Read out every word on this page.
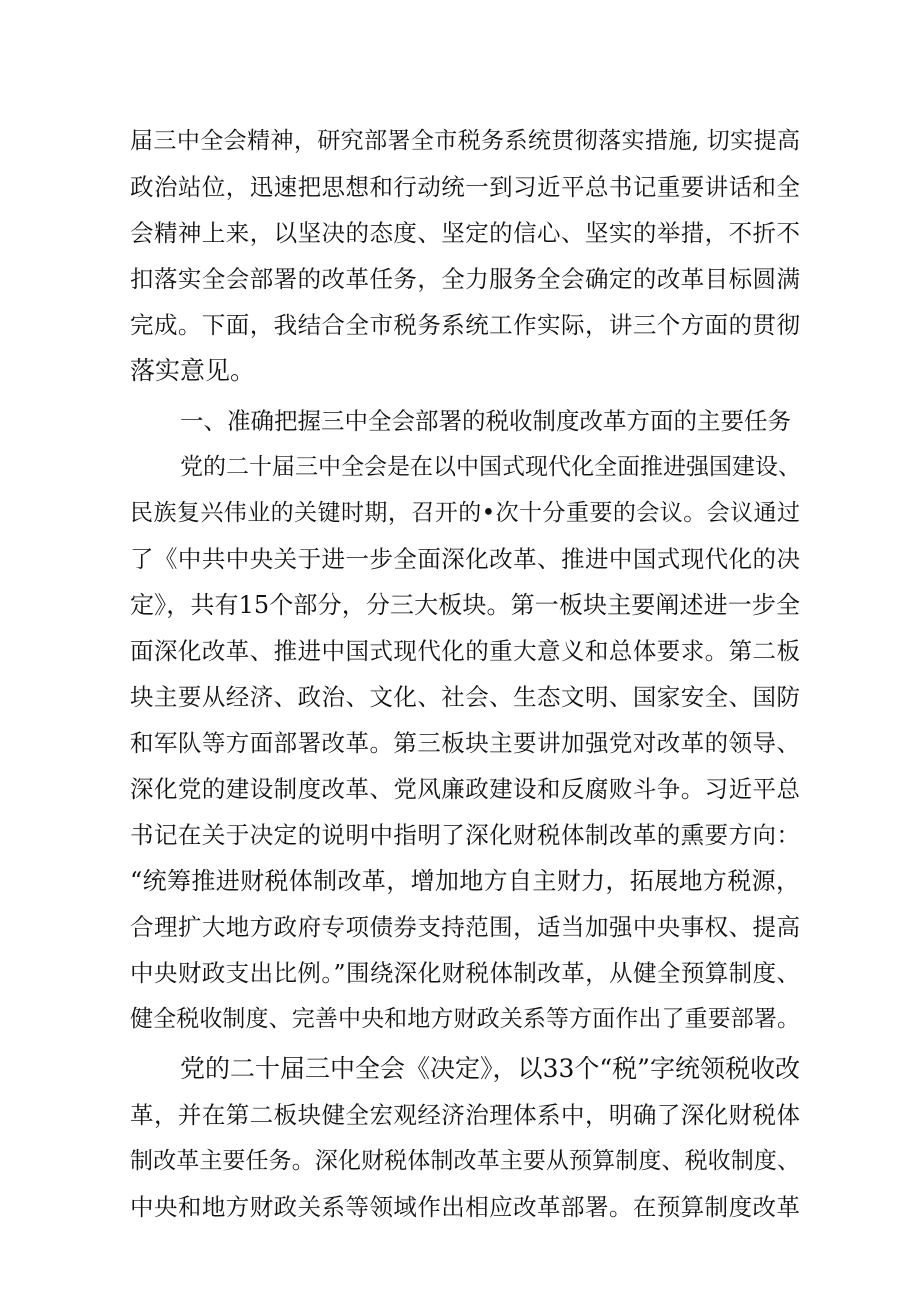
届三中全会精神，研究部署全市税务系统贯彻落实措施, 切实提高
政治站位，迅速把思想和行动统一到习近平总书记重要讲话和全
会精神上来，以坚决的态度、坚定的信心、坚实的举措，不折不
扣落实全会部署的改革任务，全力服务全会确定的改革目标圆满
完成。下面，我结合全市税务系统工作实际，讲三个方面的贯彻
落实意见。
一、准确把握三中全会部署的税收制度改革方面的主要任务
党的二十届三中全会是在以中国式现代化全面推进强国建设、
民族复兴伟业的关键时期，召开的•次十分重要的会议。会议通过
了《中共中央关于进一步全面深化改革、推进中国式现代化的决
定》，共有15个部分，分三大板块。第一板块主要阐述进一步全
面深化改革、推进中国式现代化的重大意义和总体要求。第二板
块主要从经济、政治、文化、社会、生态文明、国家安全、国防
和军队等方面部署改革。第三板块主要讲加强党对改革的领导、
深化党的建设制度改革、党风廉政建设和反腐败斗争。习近平总
书记在关于决定的说明中指明了深化财税体制改革的熏要方向：
“统筹推进财税体制改革，增加地方自主财力，拓展地方税源，
合理扩大地方政府专项债券支持范围，适当加强中央事权、提高
中央财政支出比例。”围绕深化财税体制改革，从健全预算制度、
健全税收制度、完善中央和地方财政关系等方面作出了重要部署。
党的二十届三中全会《决定》，以33个“税”字统领税收改
革，并在第二板块健全宏观经济治理体系中，明确了深化财税体
制改革主要任务。深化财税体制改革主要从预算制度、税收制度、
中央和地方财政关系等领域作出相应改革部署。在预算制度改革
